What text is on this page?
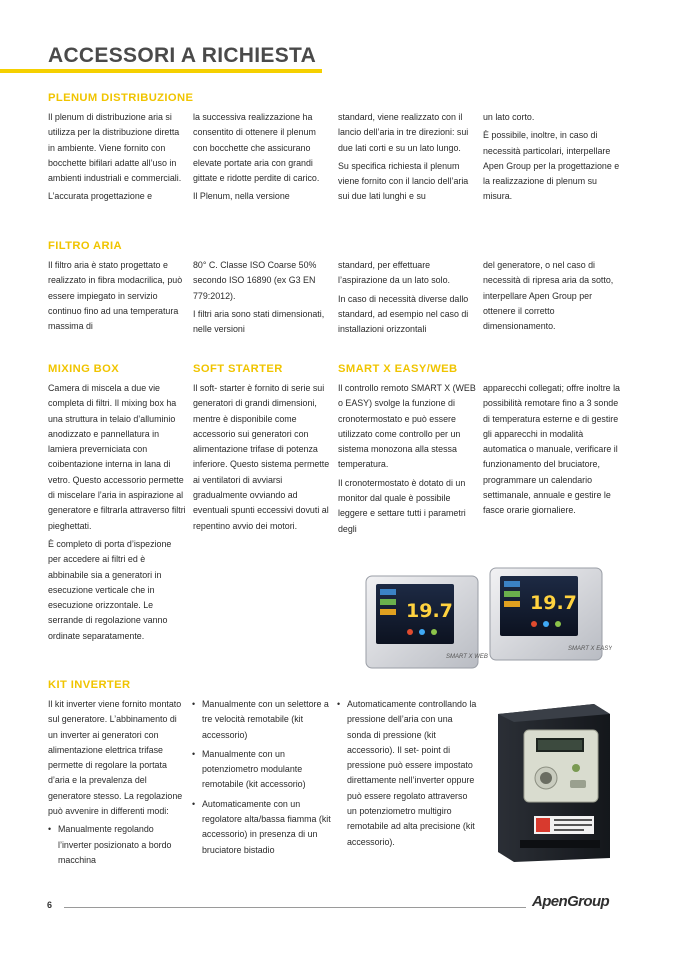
ACCESSORI A RICHIESTA
PLENUM DISTRIBUZIONE

Il plenum di distribuzione aria si utilizza per la distribuzione diretta in ambiente. Viene fornito con bocchette bifilari adatte all’uso in ambienti industriali e commerciali.

L’accurata progettazione e

la successiva realizzazione ha consentito di ottenere il plenum con bocchette che assicurano elevate portate aria con grandi gittate e ridotte perdite di carico.

Il Plenum, nella versione

standard, viene realizzato con il lancio dell’aria in tre direzioni: sui due lati corti e su un lato lungo.

Su specifica richiesta il plenum viene fornito con il lancio dell’aria sui due lati lunghi e su

un lato corto.

È possibile, inoltre, in caso di necessità particolari, interpellare Apen Group per la progettazione e la realizzazione di plenum su misura.

FILTRO ARIA

Il filtro aria è stato progettato e realizzato in fibra modacrilica, può essere impiegato in servizio continuo fino ad una temperatura massima di

80° C. Classe ISO Coarse 50% secondo ISO 16890 (ex G3 EN 779:2012).

I filtri aria sono stati dimensionati, nelle versioni

standard, per effettuare l’aspirazione da un lato solo.

In caso di necessità diverse dallo standard, ad esempio nel caso di installazioni orizzontali

del generatore, o nel caso di necessità di ripresa aria da sotto, interpellare Apen Group per ottenere il corretto dimensionamento.

MIXING BOX

Camera di miscela a due vie completa di filtri. Il mixing box ha una struttura in telaio d’alluminio anodizzato e pannellatura in lamiera preverniciata con coibentazione interna in lana di vetro. Questo accessorio permette di miscelare l’aria in aspirazione al generatore e filtrarla attraverso filtri pieghettati.

È completo di porta d’ispezione per accedere ai filtri ed è abbinabile sia a generatori in esecuzione verticale che in esecuzione orizzontale. Le serrande di regolazione vanno ordinate separatamente.

SOFT STARTER

Il soft- starter è fornito di serie sui generatori di grandi dimensioni, mentre è disponibile come accessorio sui generatori con alimentazione trifase di potenza inferiore. Questo sistema permette ai ventilatori di avviarsi gradualmente ovviando ad eventuali spunti eccessivi dovuti al repentino avvio dei motori.

SMART X EASY/WEB

Il controllo remoto SMART X (WEB o EASY) svolge la funzione di cronotermostato e può essere utilizzato come controllo per un sistema monozona alla stessa temperatura.

Il cronotermostato è dotato di un monitor dal quale è possibile leggere e settare tutti i parametri degli

apparecchi collegati; offre inoltre la possibilità remotare fino a 3 sonde di temperatura esterne e di gestire gli apparecchi in modalità automatica o manuale, verificare il funzionamento del bruciatore, programmare un calendario settimanale, annuale e gestire le fasce orarie giornaliere.

19.7
SMART X WEB
19.7
SMART X EASY
KIT INVERTER

Il kit inverter viene fornito montato sul generatore. L’abbinamento di un inverter ai generatori con alimentazione elettrica trifase permette di regolare la portata d’aria e la prevalenza del generatore stesso. La regolazione può avvenire in differenti modi:

• Manualmente regolando l’inverter posizionato a bordo macchina
• Manualmente con un selettore a tre velocità remotabile (kit accessorio)
• Manualmente con un potenziometro modulante remotabile (kit accessorio)
• Automaticamente con un regolatore alta/bassa fiamma (kit accessorio) in presenza di un bruciatore bistadio
• Automaticamente controllando la pressione dell’aria con una sonda di pressione (kit accessorio). Il set- point di pressione può essere impostato direttamente nell’inverter oppure può essere regolato attraverso un potenziometro multigiro remotabile ad alta precisione (kit accessorio).
6	ApenGroup
